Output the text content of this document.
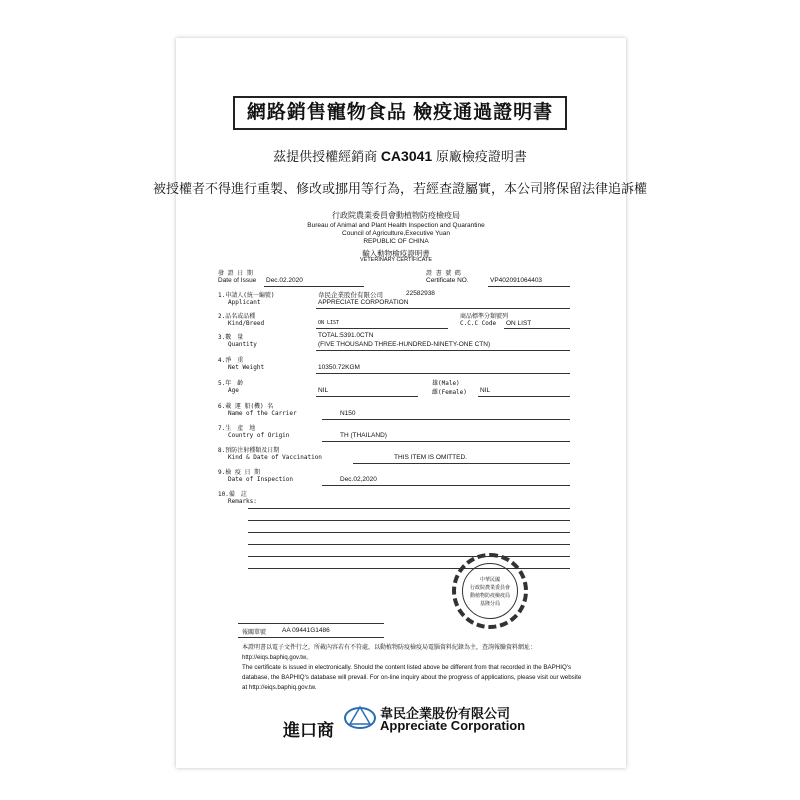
網路銷售寵物食品 檢疫通過證明書
茲提供授權經銷商 CA3041 原廠檢疫證明書
被授權者不得進行重製、修改或挪用等行為，若經查證屬實，本公司將保留法律追訴權
行政院農業委員會動植物防疫檢疫局
Bureau of Animal and Plant Health Inspection and Quarantine
Council of Agriculture,Executive Yuan
REPUBLIC OF CHINA
輸入動物檢疫證明書
VETERINARY CERTIFICATE
發 證 日 期
Date of Issue Dec.02.2020
證 書 號 碼
Certificate NO.	VP402091064403
1.申請人(統一編號)	韋民企業股份有限公司	22582938
Applicant	APPRECIATE CORPORATION
2.品名或品種	商品標準分類號列
Kind/Breed	ON LIST	C.C.C Code ON LIST
3.數　量	TOTAL:5391.0CTN
Quantity	(FIVE THOUSAND THREE-HUNDRED-NINETY-ONE CTN)
4.淨　重
Net Weight	10350.72KGM
5.年　齡	雄(Male)
Age	NIL	雌(Female) NIL
6.載 運 船(機) 名
Name of the Carrier	N150
7.生　產　地
Country of Origin	TH (THAILAND)
8.預防注射種類及日期
Kind & Date of Vaccination	THIS ITEM IS OMITTED.
9.檢 疫 日 期
Date of Inspection	Dec.02,2020
10.備　註
Remarks:
中華民國
行政院農業委員會
動植物防疫檢疫局
基隆分局
報關單號 AA 09441G1486
本證明書以電子文件行之，所載內容若有不符處，以動植物防疫檢疫局電腦資料紀錄為主，查詢報驗資料網址：http://eiqs.baphiq.gov.tw。
The certificate is issued in electronically. Should the content listed above be different from that recorded in the BAPHIQ's database, the BAPHIQ's database will prevail. For on-line inquiry about the progress of applications, please visit our website at http://eiqs.baphiq.gov.tw.
進口商
韋民企業股份有限公司
Appreciate Corporation
